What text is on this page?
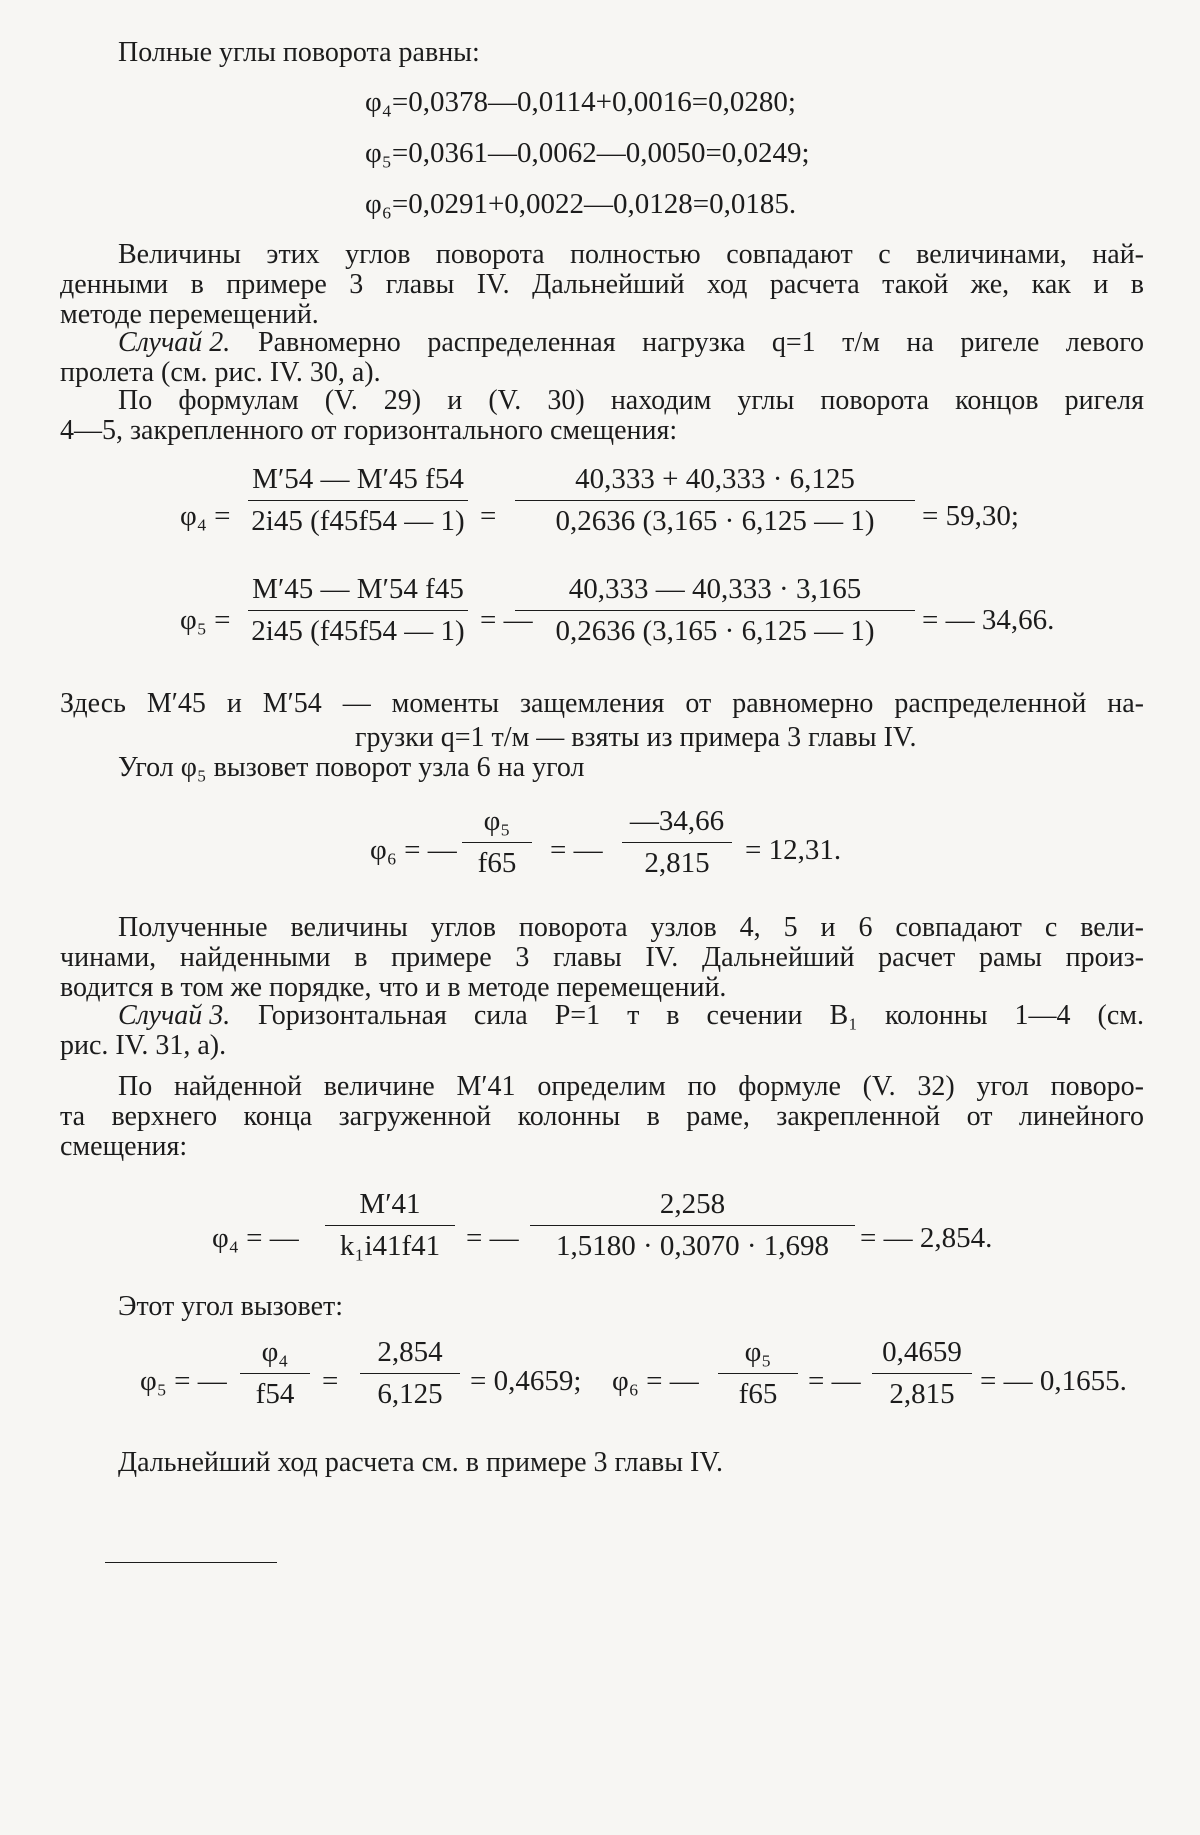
Полные углы поворота равны:
φ₄=0,0378—0,0114+0,0016=0,0280;
φ₅=0,0361—0,0062—0,0050=0,0249;
φ₆=0,0291+0,0022—0,0128=0,0185.
Величины этих углов поворота полностью совпадают с величинами, най-
денными в примере 3 главы IV. Дальнейший ход расчета такой же, как и в
методе перемещений.
Случай 2. Равномерно распределенная нагрузка q=1 т/м на ригеле левого
пролета (см. рис. IV. 30, а).
По формулам (V. 29) и (V. 30) находим углы поворота концов ригеля
4—5, закрепленного от горизонтального смещения:
φ₄ =
M′54 — M′45 f54
2i45 (f45f54 — 1) =
40,333 + 40,333 · 6,125
0,2636 (3,165 · 6,125 — 1)	= 59,30;
φ₅ =
M′45 — M′54 f45
2i45 (f45f54 — 1) = —
40,333 — 40,333 · 3,165
0,2636 (3,165 · 6,125 — 1)	= — 34,66.
Здесь M′45 и M′54 — моменты защемления от равномерно распределенной на-
грузки q=1 т/м — взяты из примера 3 главы IV.
Угол φ₅ вызовет поворот узла 6 на угол
φ₆ = —
φ₅
f65	= —
—34,66
2,815	= 12,31.
Полученные величины углов поворота узлов 4, 5 и 6 совпадают с вели-
чинами, найденными в примере 3 главы IV. Дальнейший расчет рамы произ-
водится в том же порядке, что и в методе перемещений.
Случай 3. Горизонтальная сила P=1 т в сечении B₁ колонны 1—4 (см.
рис. IV. 31, а).
По найденной величине M′41 определим по формуле (V. 32) угол поворо-
та верхнего конца загруженной колонны в раме, закрепленной от линейного
смещения:
φ₄ = —
M′41
k₁i41f41 = —
2,258
1,5180 · 0,3070 · 1,698	= — 2,854.
Этот угол вызовет:
φ₅ = —
φ₄
f54 =
2,854
6,125 = 0,4659; φ₆ = —
φ₅
f65	= —
0,4659
2,815 = — 0,1655.
Дальнейший ход расчета см. в примере 3 главы IV.
